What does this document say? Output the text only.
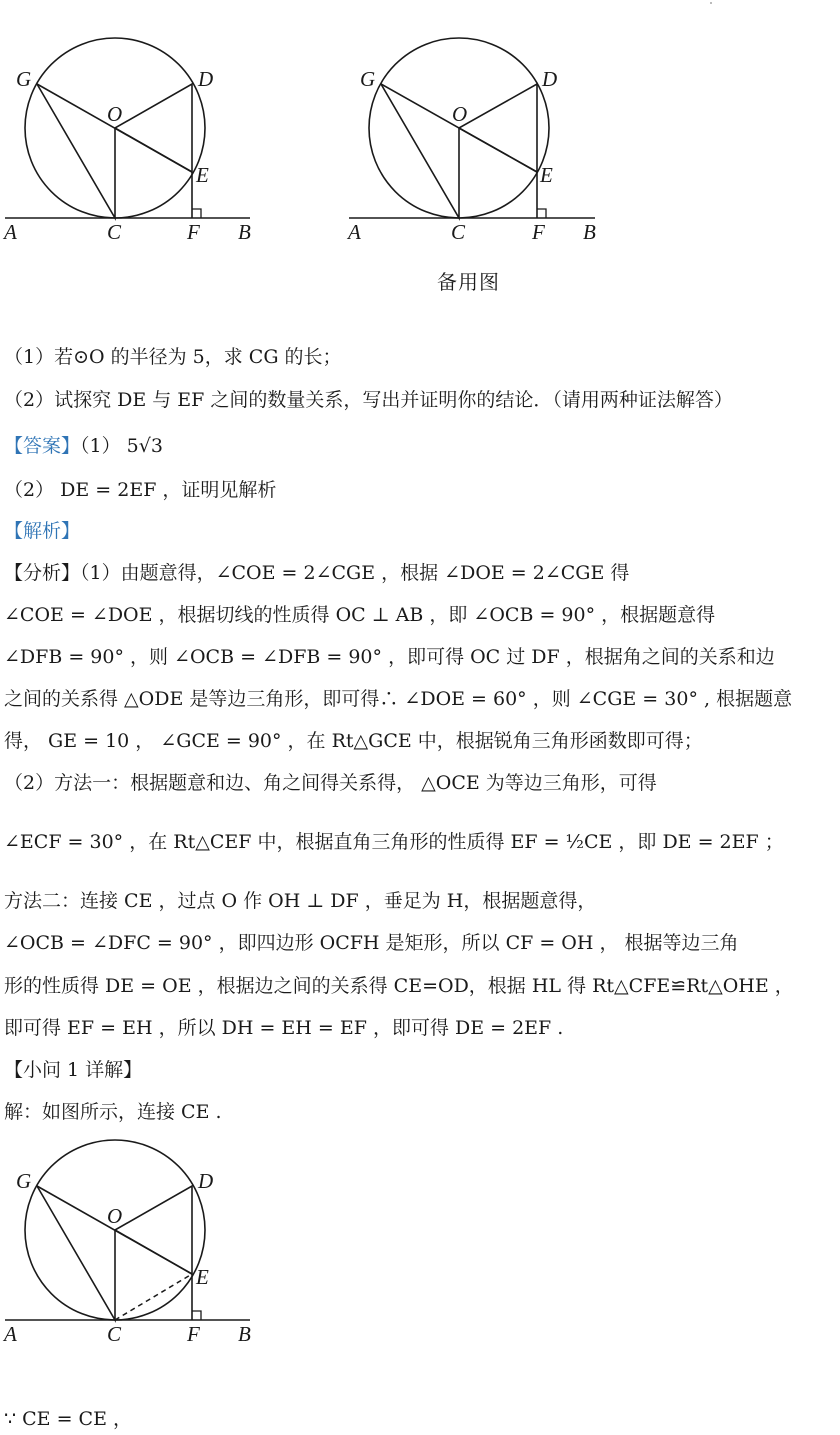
G	D
O
E
A	C	F B
G	D
O
E
A	C	F B
备用图
（1）若⊙O 的半径为 5，求 CG 的长；
（2）试探究 DE 与 EF 之间的数量关系，写出并证明你的结论．（请用两种证法解答）
【答案】（1） 5√3
（2） DE = 2EF ，证明见解析
【解析】
【分析】（1）由题意得，∠COE = 2∠CGE ，根据 ∠DOE = 2∠CGE 得
∠COE = ∠DOE ，根据切线的性质得 OC ⊥ AB ，即 ∠OCB = 90° ，根据题意得
∠DFB = 90° ，则 ∠OCB = ∠DFB = 90° ，即可得 OC 过 DF ，根据角之间的关系和边
之间的关系得 △ODE 是等边三角形，即可得∴ ∠DOE = 60° ，则 ∠CGE = 30° , 根据题意
得， GE = 10 ， ∠GCE = 90° ，在 Rt△GCE 中，根据锐角三角形函数即可得；
（2）方法一：根据题意和边、角之间得关系得， △OCE 为等边三角形，可得
∠ECF = 30° ，在 Rt△CEF 中，根据直角三角形的性质得 EF = ½CE ，即 DE = 2EF ；
方法二：连接 CE ，过点 O 作 OH ⊥ DF ，垂足为 H，根据题意得，
∠OCB = ∠DFC = 90° ，即四边形 OCFH 是矩形，所以 CF = OH ， 根据等边三角
形的性质得 DE = OE ，根据边之间的关系得 CE=OD，根据 HL 得 Rt△CFE≌Rt△OHE ，
即可得 EF = EH ，所以 DH = EH = EF ，即可得 DE = 2EF .
【小问 1 详解】
解：如图所示，连接 CE .
G	D
O
E
A	C	F B
∵ CE = CE ，
